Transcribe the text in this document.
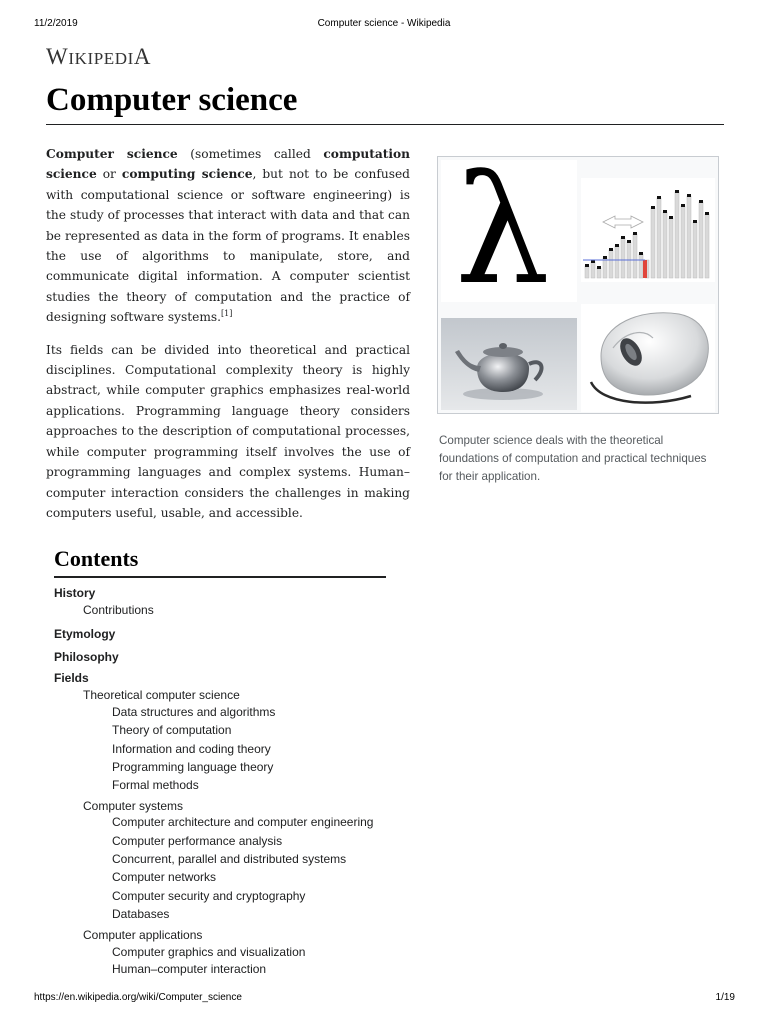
11/2/2019	Computer science - Wikipedia
WIKIPEDIA
Computer science

Computer science (sometimes called computation science or computing science, but not to be confused with computational science or software engineering) is the study of processes that interact with data and that can be represented as data in the form of programs. It enables the use of algorithms to manipulate, store, and communicate digital information. A computer scientist studies the theory of computation and the practice of designing software systems.[1]

Its fields can be divided into theoretical and practical disciplines. Computational complexity theory is highly abstract, while computer graphics emphasizes real-world applications. Programming language theory considers approaches to the description of computational processes, while computer programming itself involves the use of programming languages and complex systems. Human–computer interaction considers the challenges in making computers useful, usable, and accessible.

λ
Computer science deals with the theoretical foundations of computation and practical techniques for their application.
Contents
History
Contributions
Etymology
Philosophy
Fields
Theoretical computer science
Data structures and algorithms
Theory of computation
Information and coding theory
Programming language theory
Formal methods
Computer systems
Computer architecture and computer engineering
Computer performance analysis
Concurrent, parallel and distributed systems
Computer networks
Computer security and cryptography
Databases
Computer applications
Computer graphics and visualization
Human–computer interaction
https://en.wikipedia.org/wiki/Computer_science	1/19
